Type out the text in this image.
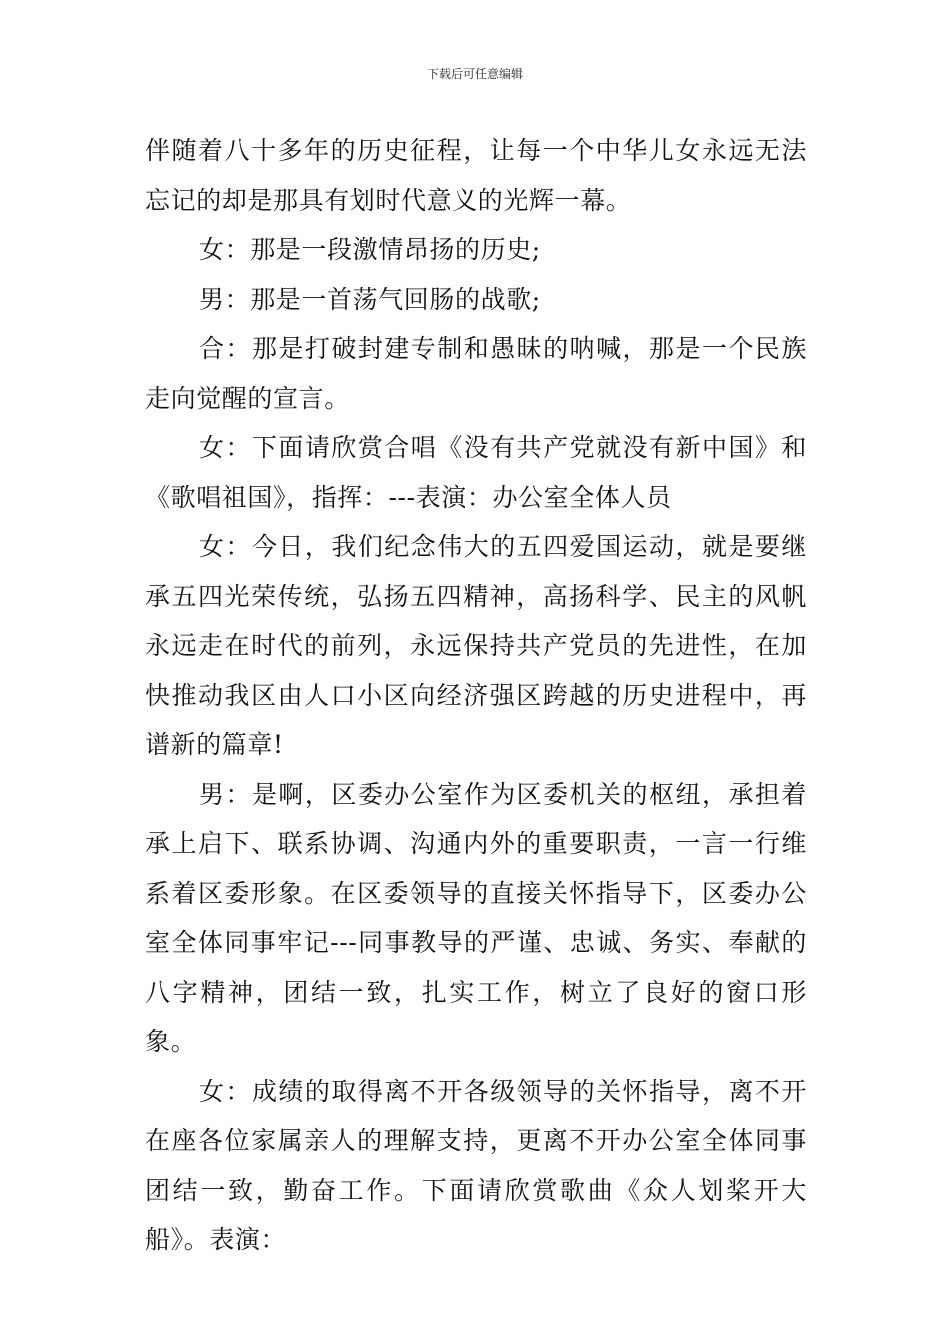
下载后可任意编辑

伴随着八十多年的历史征程，让每一个中华儿女永远无法忘记的却是那具有划时代意义的光辉一幕。

女：那是一段激情昂扬的历史;

男：那是一首荡气回肠的战歌;

合：那是打破封建专制和愚昧的呐喊，那是一个民族走向觉醒的宣言。

女：下面请欣赏合唱《没有共产党就没有新中国》和《歌唱祖国》，指挥：---表演：办公室全体人员

女：今日，我们纪念伟大的五四爱国运动，就是要继承五四光荣传统，弘扬五四精神，高扬科学、民主的风帆永远走在时代的前列，永远保持共产党员的先进性，在加快推动我区由人口小区向经济强区跨越的历史进程中，再谱新的篇章!

男：是啊，区委办公室作为区委机关的枢纽，承担着承上启下、联系协调、沟通内外的重要职责，一言一行维系着区委形象。在区委领导的直接关怀指导下，区委办公室全体同事牢记---同事教导的严谨、忠诚、务实、奉献的八字精神，团结一致，扎实工作，树立了良好的窗口形象。

女：成绩的取得离不开各级领导的关怀指导，离不开在座各位家属亲人的理解支持，更离不开办公室全体同事团结一致，勤奋工作。下面请欣赏歌曲《众人划桨开大船》。表演：
